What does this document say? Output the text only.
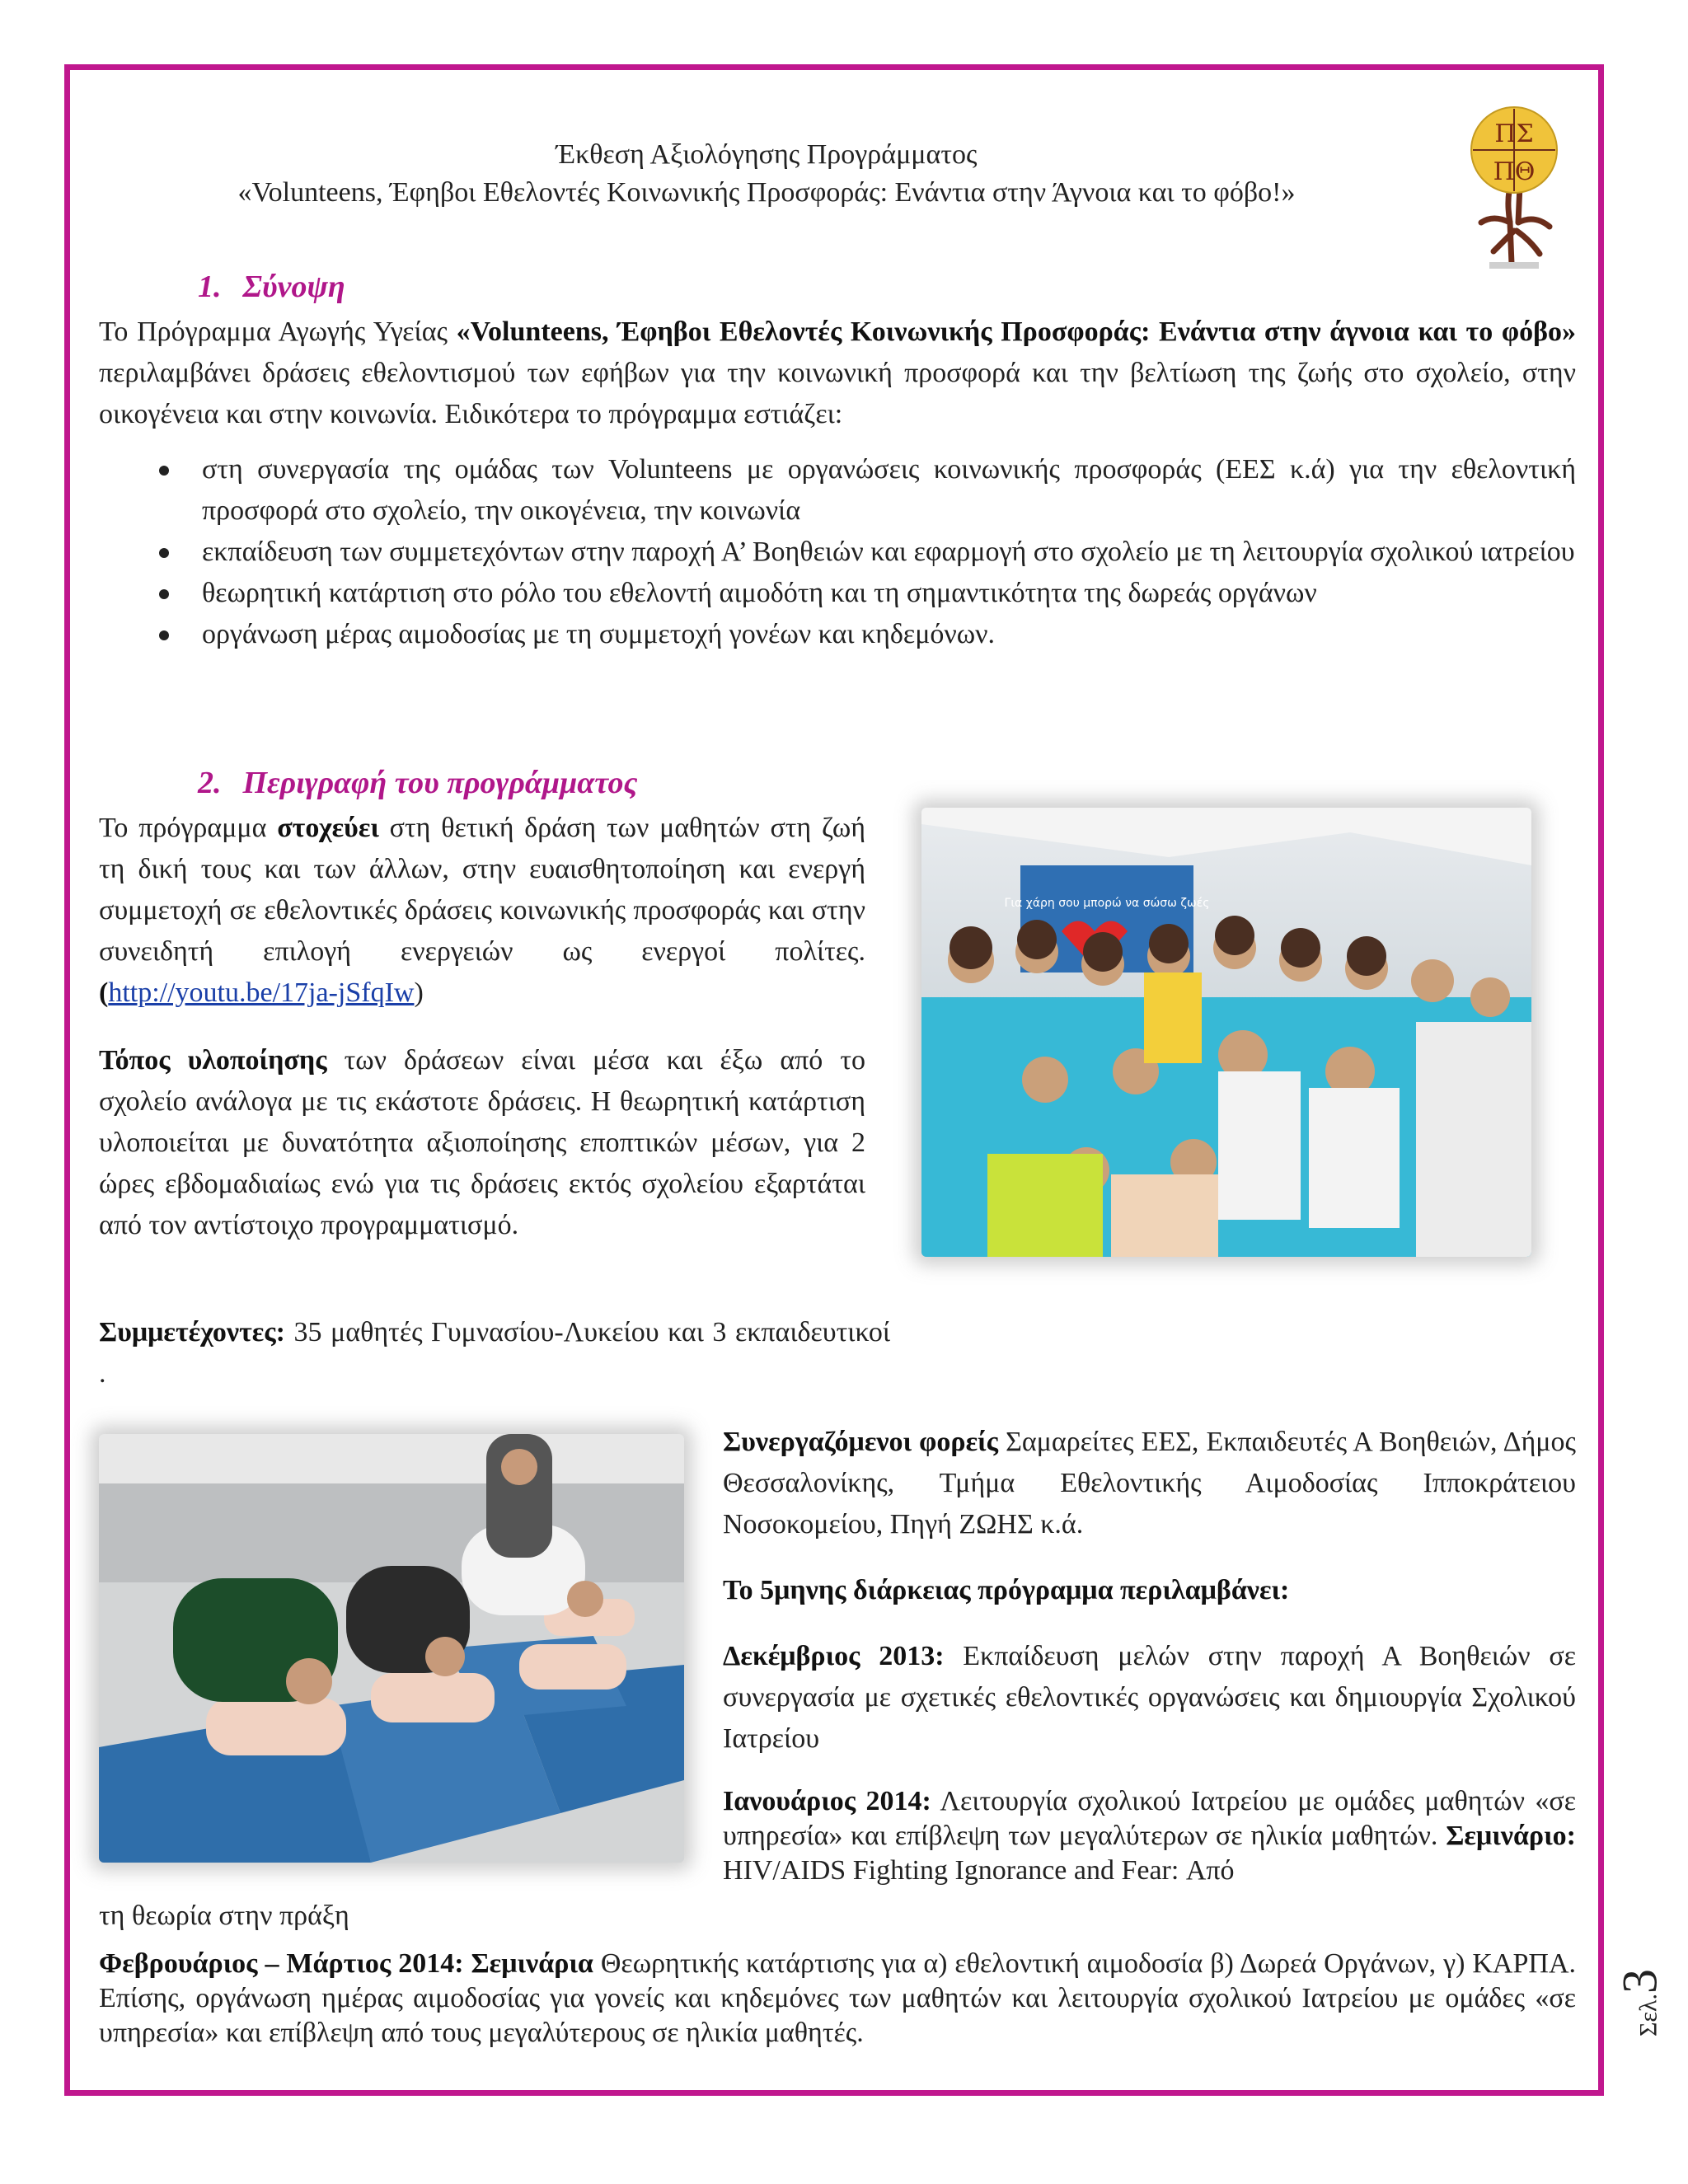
Έκθεση Αξιολόγησης Προγράμματος
«Volunteens, Έφηβοι Εθελοντές Κοινωνικής Προσφοράς: Ενάντια στην Άγνοια και το φόβο!»
ΠΣ
ΠΘ
1. Σύνοψη
Το Πρόγραμμα Αγωγής Υγείας «Volunteens, Έφηβοι Εθελοντές Κοινωνικής Προσφοράς: Ενάντια στην άγνοια και το φόβο» περιλαμβάνει δράσεις εθελοντισμού των εφήβων για την κοινωνική προσφορά και την βελτίωση της ζωής στο σχολείο, στην οικογένεια και στην κοινωνία. Ειδικότερα το πρόγραμμα εστιάζει:
στη συνεργασία της ομάδας των Volunteens με οργανώσεις κοινωνικής προσφοράς (ΕΕΣ κ.ά) για την εθελοντική προσφορά στο σχολείο, την οικογένεια, την κοινωνία
εκπαίδευση των συμμετεχόντων στην παροχή Α’ Βοηθειών και εφαρμογή στο σχολείο με τη λειτουργία σχολικού ιατρείου
θεωρητική κατάρτιση στο ρόλο του εθελοντή αιμοδότη και τη σημαντικότητα της δωρεάς οργάνων
οργάνωση μέρας αιμοδοσίας με τη συμμετοχή γονέων και κηδεμόνων.
2. Περιγραφή του προγράμματος
Το πρόγραμμα στοχεύει στη θετική δράση των μαθητών στη ζωή τη δική τους και των άλλων, στην ευαισθητοποίηση και ενεργή συμμετοχή σε εθελοντικές δράσεις κοινωνικής προσφοράς και στην συνειδητή επιλογή ενεργειών ως ενεργοί πολίτες. (http://youtu.be/17ja-jSfqIw)
Τόπος υλοποίησης των δράσεων είναι μέσα και έξω από το σχολείο ανάλογα με τις εκάστοτε δράσεις. Η θεωρητική κατάρτιση υλοποιείται με δυνατότητα αξιοποίησης εποπτικών μέσων, για 2 ώρες εβδομαδιαίως ενώ για τις δράσεις εκτός σχολείου εξαρτάται από τον αντίστοιχο προγραμματισμό.
Συμμετέχοντες: 35 μαθητές Γυμνασίου-Λυκείου και 3 εκπαιδευτικοί .
Για χάρη σου μπορώ να σώσω ζωές
Συνεργαζόμενοι φορείς Σαμαρείτες ΕΕΣ, Εκπαιδευτές Α Βοηθειών, Δήμος Θεσσαλονίκης, Τμήμα Εθελοντικής Αιμοδοσίας Ιπποκράτειου Νοσοκομείου, Πηγή ΖΩΗΣ κ.ά.
Το 5μηνης διάρκειας πρόγραμμα περιλαμβάνει:
Δεκέμβριος 2013: Εκπαίδευση μελών στην παροχή Α Βοηθειών σε συνεργασία με σχετικές εθελοντικές οργανώσεις και δημιουργία Σχολικού Ιατρείου
Ιανουάριος 2014: Λειτουργία σχολικού Ιατρείου με ομάδες μαθητών «σε υπηρεσία» και επίβλεψη των μεγαλύτερων σε ηλικία μαθητών. Σεμινάριο: HIV/AIDS Fighting Ignorance and Fear: Από
τη θεωρία στην πράξη
Φεβρουάριος – Μάρτιος 2014: Σεμινάρια Θεωρητικής κατάρτισης για α) εθελοντική αιμοδοσία β) Δωρεά Οργάνων, γ) ΚΑΡΠΑ. Επίσης, οργάνωση ημέρας αιμοδοσίας για γονείς και κηδεμόνες των μαθητών και λειτουργία σχολικού Ιατρείου με ομάδες «σε υπηρεσία» και επίβλεψη από τους μεγαλύτερους σε ηλικία μαθητές.	Σελ.3
